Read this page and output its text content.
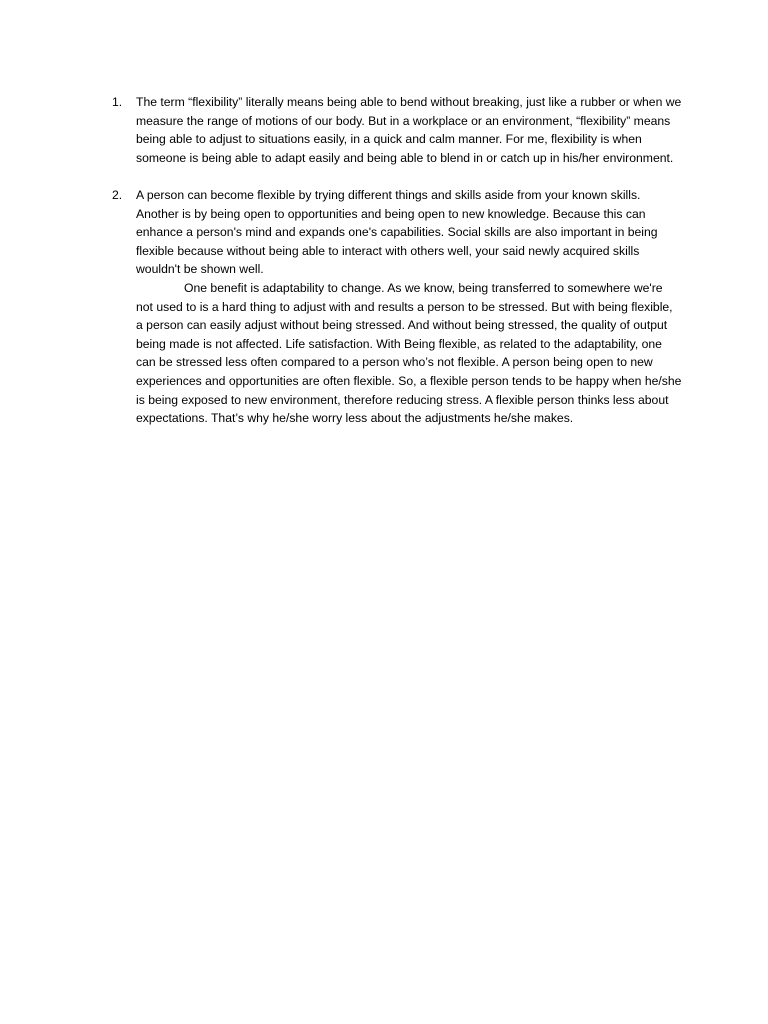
1. The term “flexibility” literally means being able to bend without breaking, just like a rubber or when we measure the range of motions of our body. But in a workplace or an environment, “flexibility” means being able to adjust to situations easily, in a quick and calm manner. For me, flexibility is when someone is being able to adapt easily and being able to blend in or catch up in his/her environment.

2. A person can become flexible by trying different things and skills aside from your known skills. Another is by being open to opportunities and being open to new knowledge. Because this can enhance a person's mind and expands one's capabilities. Social skills are also important in being flexible because without being able to interact with others well, your said newly acquired skills wouldn't be shown well.

One benefit is adaptability to change. As we know, being transferred to somewhere we're not used to is a hard thing to adjust with and results a person to be stressed. But with being flexible, a person can easily adjust without being stressed. And without being stressed, the quality of output being made is not affected. Life satisfaction. With Being flexible, as related to the adaptability, one can be stressed less often compared to a person who’s not flexible. A person being open to new experiences and opportunities are often flexible. So, a flexible person tends to be happy when he/she is being exposed to new environment, therefore reducing stress. A flexible person thinks less about expectations. That’s why he/she worry less about the adjustments he/she makes.
